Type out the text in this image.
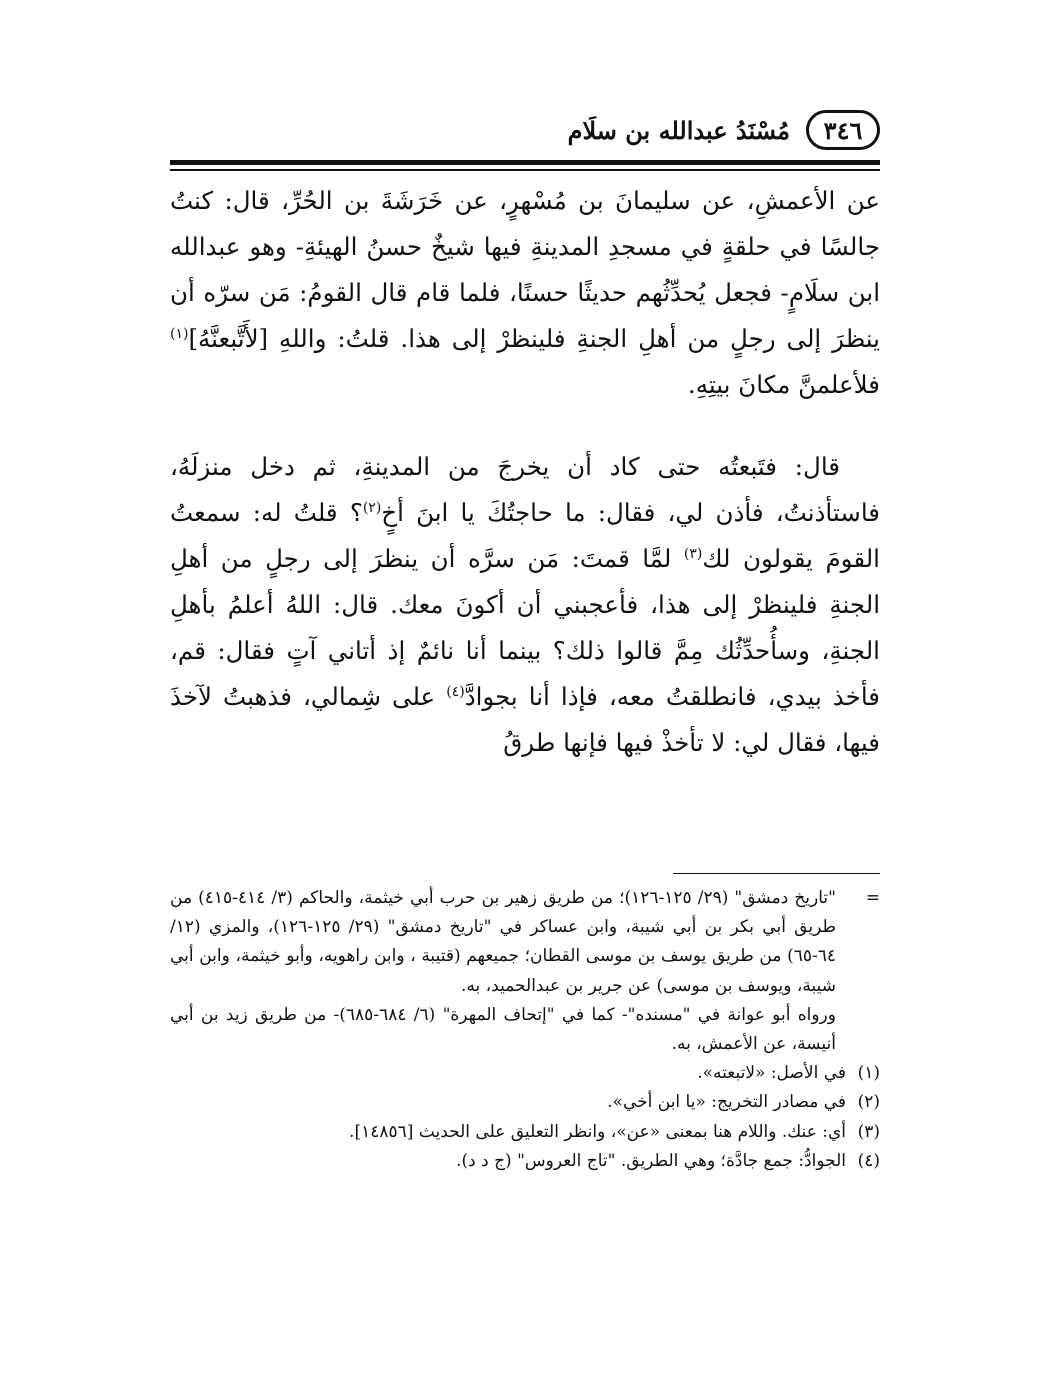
٣٤٦
مُسْنَدُ عبدالله بن سلَام

عن الأعمشِ، عن سليمانَ بن مُسْهرٍ، عن خَرَشَةَ بن الحُرِّ، قال: كنتُ جالسًا في حلقةٍ في مسجدِ المدينةِ فيها شيخٌ حسنُ الهيئةِ- وهو عبدالله ابن سلَامٍ- فجعل يُحدِّثُهم حديثًا حسنًا، فلما قام قال القومُ: مَن سرّه أن ينظرَ إلى رجلٍ من أهلِ الجنةِ فلينظرْ إلى هذا. قلتُ: واللهِ [لأَتَّبعنَّهُ]$^{(١)}$ فلأعلمنَّ مكانَ بيتِهِ.

قال: فتَبعتُه حتى كاد أن يخرجَ من المدينةِ، ثم دخل منزلَهُ، فاستأذنتُ، فأذن لي، فقال: ما حاجتُكَ يا ابنَ أخٍ$^{(٢)}$؟ قلتُ له: سمعتُ القومَ يقولون لك$^{(٣)}$ لمَّا قمتَ: مَن سرَّه أن ينظرَ إلى رجلٍ من أهلِ الجنةِ فلينظرْ إلى هذا، فأعجبني أن أكونَ معك. قال: اللهُ أعلمُ بأهلِ الجنةِ، وسأُحدِّثُك مِمَّ قالوا ذلك؟ بينما أنا نائمٌ إذ أتاني آتٍ فقال: قم، فأخذ بيدي، فانطلقتُ معه، فإذا أنا بجوادَّ$^{(٤)}$ على شِمالي، فذهبتُ لآخذَ فيها، فقال لي: لا تأخذْ فيها فإنها طرقُ

=

"تاريخ دمشق" (٢٩/ ١٢٥-١٢٦)؛ من طريق زهير بن حرب أبي خيثمة، والحاكم (٣/ ٤١٤-٤١٥) من طريق أبي بكر بن أبي شيبة، وابن عساكر في "تاريخ دمشق" (٢٩/ ١٢٥-١٢٦)، والمزي (١٢/ ٦٤-٦٥) من طريق يوسف بن موسى القطان؛ جميعهم (قتيبة ، وابن راهويه، وأبو خيثمة، وابن أبي شيبة، ويوسف بن موسى) عن جرير بن عبدالحميد، به.

ورواه أبو عوانة في "مسنده"- كما في "إتحاف المهرة" (٦/ ٦٨٤-٦٨٥)- من طريق زيد بن أبي أنيسة، عن الأعمش، به.

(١)في الأصل: «لاتبعته».

(٢)في مصادر التخريج: «يا ابن أخي».

(٣)أي: عنك. واللام هنا بمعنى «عن»، وانظر التعليق على الحديث [١٤٨٥٦].

(٤)الجوادُّ: جمع جادَّة؛ وهي الطريق. "تاج العروس" (ج د د).
